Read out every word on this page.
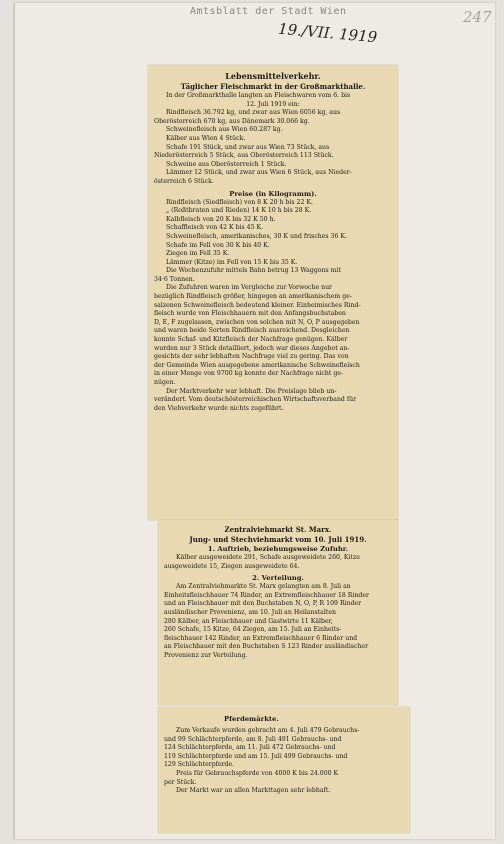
Amtsblatt der Stadt Wien
19./VII. 1919
247

Lebensmittelverkehr.

Täglicher Fleischmarkt in der Großmarkthalle.

In der Großmarkthalle langten an Fleischwaren vom 6. bis

12. Juli 1919 ein:

Rindfleisch 36.792 kg, und zwar aus Wien 6056 kg, aus

Oberösterreich 670 kg, aus Dänemark 30.066 kg.

Schweinefleisch aus Wien 60.287 kg.

Kälber aus Wien 4 Stück.

Schafe 191 Stück, und zwar aus Wien 73 Stück, aus

Niederösterreich 5 Stück, aus Oberösterreich 113 Stück.

Schweine aus Oberösterreich 1 Stück.

Lämmer 12 Stück, und zwar aus Wien 6 Stück, aus Nieder-

österreich 6 Stück.

Preise (in Kilogramm).

Rindfleisch (Siedfleisch) von 8 K 20 h bis 22 K.

„ (Roßtbraten und Rieden) 14 K 10 h bis 28 K.

Kalbfleisch von 20 K bis 32 K 50 h.

Schaffleisch von 42 K bis 45 K.

Schweinefleisch, amerikanisches, 30 K und frisches 36 K.

Schafe im Fell von 30 K bis 40 K.

Ziegen im Fell 35 K.

Lämmer (Kitze) im Fell von 15 K bis 35 K.

Die Wochenzufuhr mittels Bahn betrug 13 Waggons mit

34·6 Tonnen.

Die Zufuhren waren im Vergleiche zur Vorwoche nur

bezüglich Rindfleisch größer, hingegen an amerikanischem ge-

salzenen Schweinefleisch bedeutend kleiner. Einheimisches Rind-

fleisch wurde von Fleischhauern mit den Anfangsbuchstaben

D, E, F zugelassen, zwischen von solchen mit N, O, P ausgegeben

und waren beide Sorten Rindfleisch ausreichend. Desgleichen

konnte Schaf- und Kitzfleisch der Nachfrage genügen. Kälber

wurden nur 3 Stück detailliert, jedoch war dieses Angebot an-

gesichts der sehr lebhaften Nachfrage viel zu gering. Das von

der Gemeinde Wien ausgegebene amerikanische Schweinefleisch

in einer Menge von 9700 kg konnte der Nachfrage nicht ge-

nügen.

Der Marktverkehr war lebhaft. Die Preislage blieb un-

verändert. Vom deutschösterreichischen Wirtschaftsverband für

den Viehverkehr wurde nichts zugeführt.

Zentralviehmarkt St. Marx.

Jung- und Stechviehmarkt vom 10. Juli 1919.

1. Auftrieb, beziehungsweise Zufuhr.

Kälber ausgeweidete 291, Schafe ausgeweidete 260, Kitze

ausgeweidete 15, Ziegen ausgeweidete 64.

2. Verteilung.

Am Zentralviehmarkte St. Marx gelangten am 8. Juli an

Einheitsfleischhauer 74 Rinder, an Extremfleischhauer 18 Rinder

und an Fleischhauer mit den Buchstaben N, O, P, R 109 Rinder

ausländischer Provenienz, am 10. Juli an Heilanstalten

280 Kälber, an Fleischhauer und Gastwirte 11 Kälber,

260 Schafe, 15 Kitze, 64 Ziegen, am 15. Juli an Einheits-

fleischhauer 142 Rinder, an Extremfleischhauer 6 Rinder und

an Fleischhauer mit den Buchstaben S 123 Rinder ausländischer

Provenienz zur Verteilung.

Pferdemärkte.

Zum Verkaufe wurden gebracht am 4. Juli 479 Gebrauchs-

und 99 Schlächterpferde, am 8. Juli 491 Gebrauchs- und

124 Schlächterpferde, am 11. Juli 472 Gebrauchs- und

119 Schlächterpferde und am 15. Juli 499 Gebrauchs- und

129 Schlächterpferde.

Preis für Gebrauchspferde von 4000 K bis 24.000 K

per Stück.

Der Markt war an allen Markttagen sehr lebhaft.
